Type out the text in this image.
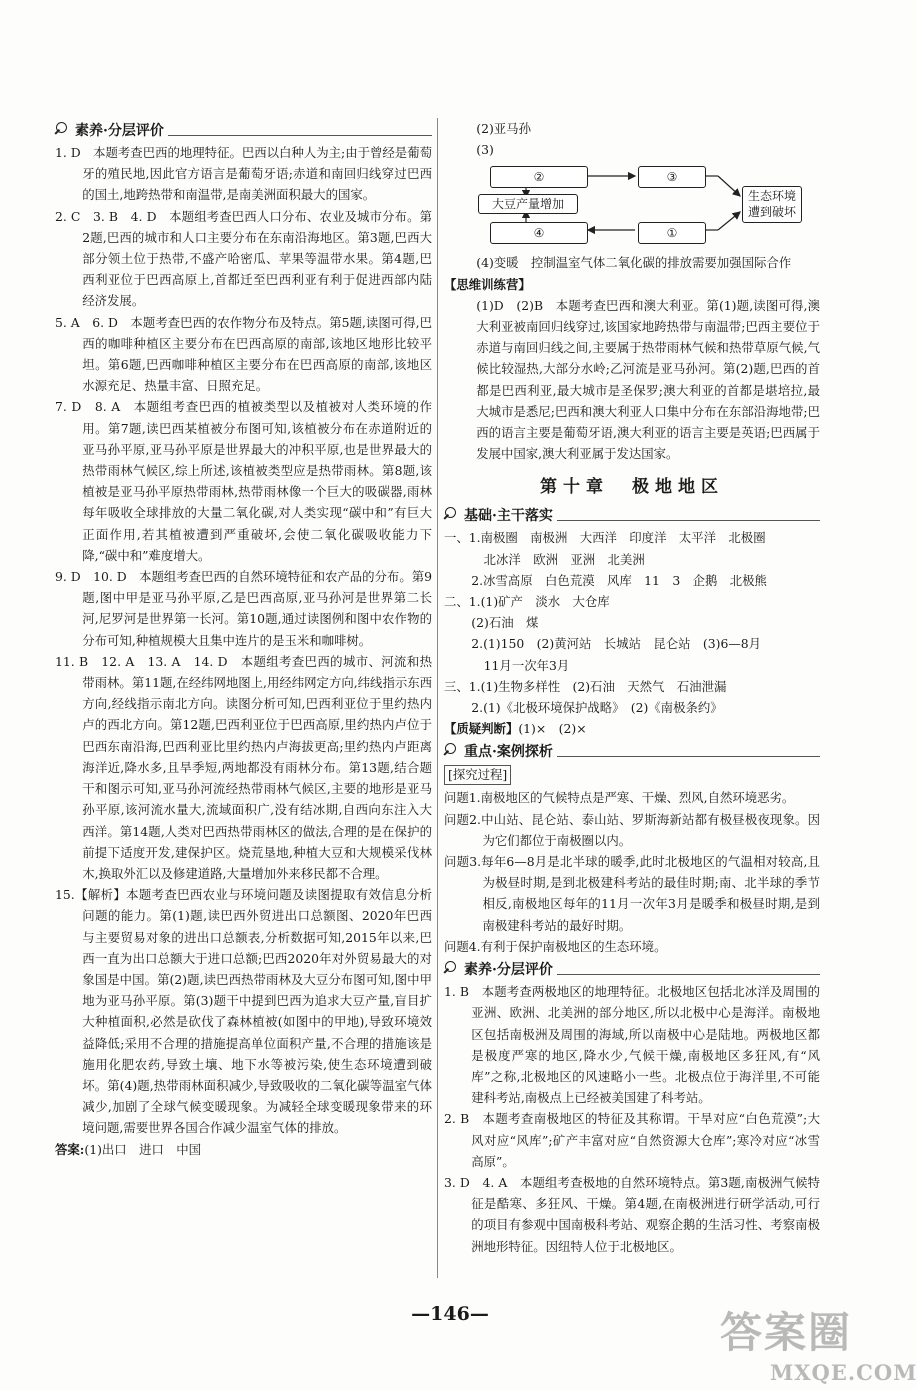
素养·分层评价

1. D　本题考查巴西的地理特征。巴西以白种人为主;由于曾经是葡萄牙的殖民地,因此官方语言是葡萄牙语;赤道和南回归线穿过巴西的国土,地跨热带和南温带,是南美洲面积最大的国家。

2. C　3. B　4. D　本题组考查巴西人口分布、农业及城市分布。第2题,巴西的城市和人口主要分布在东南沿海地区。第3题,巴西大部分领土位于热带,不盛产哈密瓜、苹果等温带水果。第4题,巴西利亚位于巴西高原上,首都迁至巴西利亚有利于促进西部内陆经济发展。

5. A　6. D　本题考查巴西的农作物分布及特点。第5题,读图可得,巴西的咖啡种植区主要分布在巴西高原的南部,该地区地形比较平坦。第6题,巴西咖啡种植区主要分布在巴西高原的南部,该地区水源充足、热量丰富、日照充足。

7. D　8. A　本题组考查巴西的植被类型以及植被对人类环境的作用。第7题,读巴西某植被分布图可知,该植被分布在赤道附近的亚马孙平原,亚马孙平原是世界最大的冲积平原,也是世界最大的热带雨林气候区,综上所述,该植被类型应是热带雨林。第8题,该植被是亚马孙平原热带雨林,热带雨林像一个巨大的吸碳器,雨林每年吸收全球排放的大量二氧化碳,对人类实现“碳中和”有巨大正面作用,若其植被遭到严重破坏,会使二氧化碳吸收能力下降,“碳中和”难度增大。

9. D　10. D　本题组考查巴西的自然环境特征和农产品的分布。第9题,图中甲是亚马孙平原,乙是巴西高原,亚马孙河是世界第二长河,尼罗河是世界第一长河。第10题,通过读图例和图中农作物的分布可知,种植规模大且集中连片的是玉米和咖啡树。

11. B　12. A　13. A　14. D　本题组考查巴西的城市、河流和热带雨林。第11题,在经纬网地图上,用经纬网定方向,纬线指示东西方向,经线指示南北方向。读图分析可知,巴西利亚位于里约热内卢的西北方向。第12题,巴西利亚位于巴西高原,里约热内卢位于巴西东南沿海,巴西利亚比里约热内卢海拔更高;里约热内卢距离海洋近,降水多,且旱季短,两地都没有雨林分布。第13题,结合题干和图示可知,亚马孙河流经热带雨林气候区,主要的地形是亚马孙平原,该河流水量大,流域面积广,没有结冰期,自西向东注入大西洋。第14题,人类对巴西热带雨林区的做法,合理的是在保护的前提下适度开发,建保护区。烧荒垦地,种植大豆和大规模采伐林木,换取外汇以及修建道路,大量增加外来移民都不合理。

15.【解析】本题考查巴西农业与环境问题及读图提取有效信息分析问题的能力。第(1)题,读巴西外贸进出口总额图、2020年巴西与主要贸易对象的进出口总额表,分析数据可知,2015年以来,巴西一直为出口总额大于进口总额;巴西2020年对外贸易最大的对象国是中国。第(2)题,读巴西热带雨林及大豆分布图可知,图中甲地为亚马孙平原。第(3)题干中提到巴西为追求大豆产量,盲目扩大种植面积,必然是砍伐了森林植被(如图中的甲地),导致环境效益降低;采用不合理的措施提高单位面积产量,不合理的措施该是施用化肥农药,导致土壤、地下水等被污染,使生态环境遭到破坏。第(4)题,热带雨林面积减少,导致吸收的二氧化碳等温室气体减少,加剧了全球气候变暖现象。为减轻全球变暖现象带来的环境问题,需要世界各国合作减少温室气体的排放。

答案:(1)出口　进口　中国

(2)亚马孙

(3)

②	③
大豆产量增加
④	①
生态环境遭到破坏

(4)变暖　控制温室气体二氧化碳的排放需要加强国际合作

【思维训练营】

(1)D　(2)B　本题考查巴西和澳大利亚。第(1)题,读图可得,澳大利亚被南回归线穿过,该国家地跨热带与南温带;巴西主要位于赤道与南回归线之间,主要属于热带雨林气候和热带草原气候,气候比较湿热,大部分水岭;乙河流是亚马孙河。第(2)题,巴西的首都是巴西利亚,最大城市是圣保罗;澳大利亚的首都是堪培拉,最大城市是悉尼;巴西和澳大利亚人口集中分布在东部沿海地带;巴西的语言主要是葡萄牙语,澳大利亚的语言主要是英语;巴西属于发展中国家,澳大利亚属于发达国家。

第十章　极地地区
基础·主干落实

一、1.南极圈　南极洲　大西洋　印度洋　太平洋　北极圈

　北冰洋　欧洲　亚洲　北美洲

2.冰雪高原　白色荒漠　风库　11　3　企鹅　北极熊

二、1.(1)矿产　淡水　大仓库

(2)石油　煤

2.(1)150　(2)黄河站　长城站　昆仑站　(3)6—8月

　11月一次年3月

三、1.(1)生物多样性　(2)石油　天然气　石油泄漏

2.(1)《北极环境保护战略》　(2)《南极条约》

【质疑判断】(1)×　(2)×

重点·案例探析
[探究过程]

问题1.南极地区的气候特点是严寒、干燥、烈风,自然环境恶劣。

问题2.中山站、昆仑站、泰山站、罗斯海新站都有极昼极夜现象。因为它们都位于南极圈以内。

问题3.每年6—8月是北半球的暖季,此时北极地区的气温相对较高,且为极昼时期,是到北极建科考站的最佳时期;南、北半球的季节相反,南极地区每年的11月一次年3月是暖季和极昼时期,是到南极建科考站的最好时期。

问题4.有利于保护南极地区的生态环境。

素养·分层评价

1. B　本题考查两极地区的地理特征。北极地区包括北冰洋及周围的亚洲、欧洲、北美洲的部分地区,所以北极中心是海洋。南极地区包括南极洲及周围的海域,所以南极中心是陆地。两极地区都是极度严寒的地区,降水少,气候干燥,南极地区多狂风,有“风库”之称,北极地区的风速略小一些。北极点位于海洋里,不可能建科考站,南极点上已经被美国建了科考站。

2. B　本题考查南极地区的特征及其称谓。干旱对应“白色荒漠”;大风对应“风库”;矿产丰富对应“自然资源大仓库”;寒冷对应“冰雪高原”。

3. D　4. A　本题组考查极地的自然环境特点。第3题,南极洲气候特征是酷寒、多狂风、干燥。第4题,在南极洲进行研学活动,可行的项目有参观中国南极科考站、观察企鹅的生活习性、考察南极洲地形特征。因纽特人位于北极地区。

—146—	答案圈
MXQE.COM
